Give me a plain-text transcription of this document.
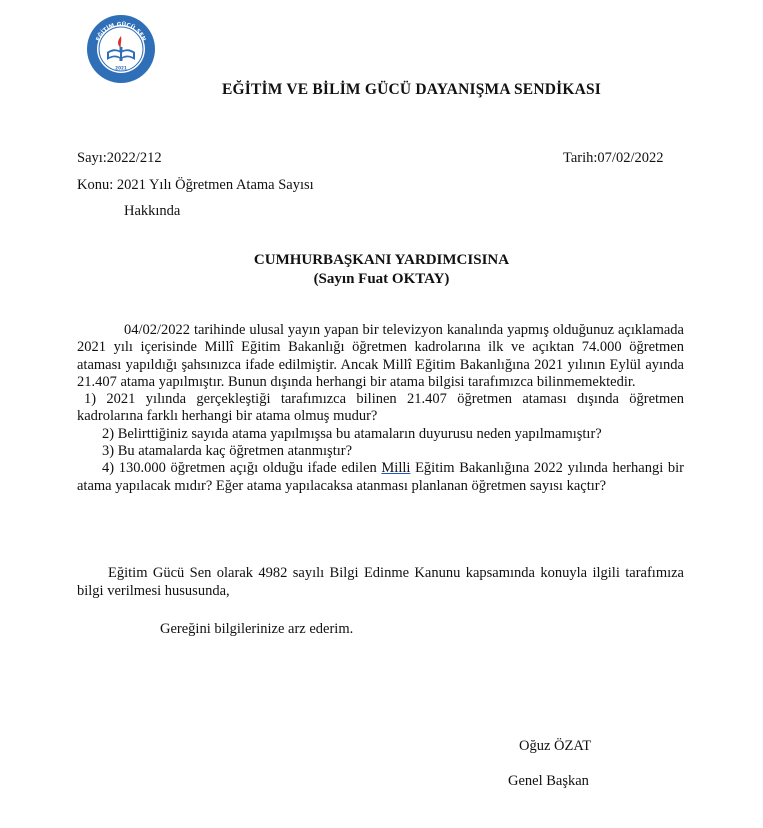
EĞİTİM GÜCÜ SEN
2021
EĞİTİM VE BİLİM GÜCÜ DAYANIŞMA SENDİKASI
Sayı:2022/212	Tarih:07/02/2022
Konu: 2021 Yılı Öğretmen Atama Sayısı
Hakkında
CUMHURBAŞKANI YARDIMCISINA
(Sayın Fuat OKTAY)

04/02/2022 tarihinde ulusal yayın yapan bir televizyon kanalında yapmış olduğunuz açıklamada 2021 yılı içerisinde Millî Eğitim Bakanlığı öğretmen kadrolarına ilk ve açıktan 74.000 öğretmen ataması yapıldığı şahsınızca ifade edilmiştir. Ancak Millî Eğitim Bakanlığına 2021 yılının Eylül ayında 21.407 atama yapılmıştır. Bunun dışında herhangi bir atama bilgisi tarafımızca bilinmemektedir.

1) 2021 yılında gerçekleştiği tarafımızca bilinen 21.407 öğretmen ataması dışında öğretmen kadrolarına farklı herhangi bir atama olmuş mudur?

2) Belirttiğiniz sayıda atama yapılmışsa bu atamaların duyurusu neden yapılmamıştır?

3) Bu atamalarda kaç öğretmen atanmıştır?

4) 130.000 öğretmen açığı olduğu ifade edilen Milli Eğitim Bakanlığına 2022 yılında herhangi bir atama yapılacak mıdır? Eğer atama yapılacaksa atanması planlanan öğretmen sayısı kaçtır?

Eğitim Gücü Sen olarak 4982 sayılı Bilgi Edinme Kanunu kapsamında konuyla ilgili tarafımıza bilgi verilmesi hususunda,
Gereğini bilgilerinize arz ederim.
Oğuz ÖZAT
Genel Başkan
